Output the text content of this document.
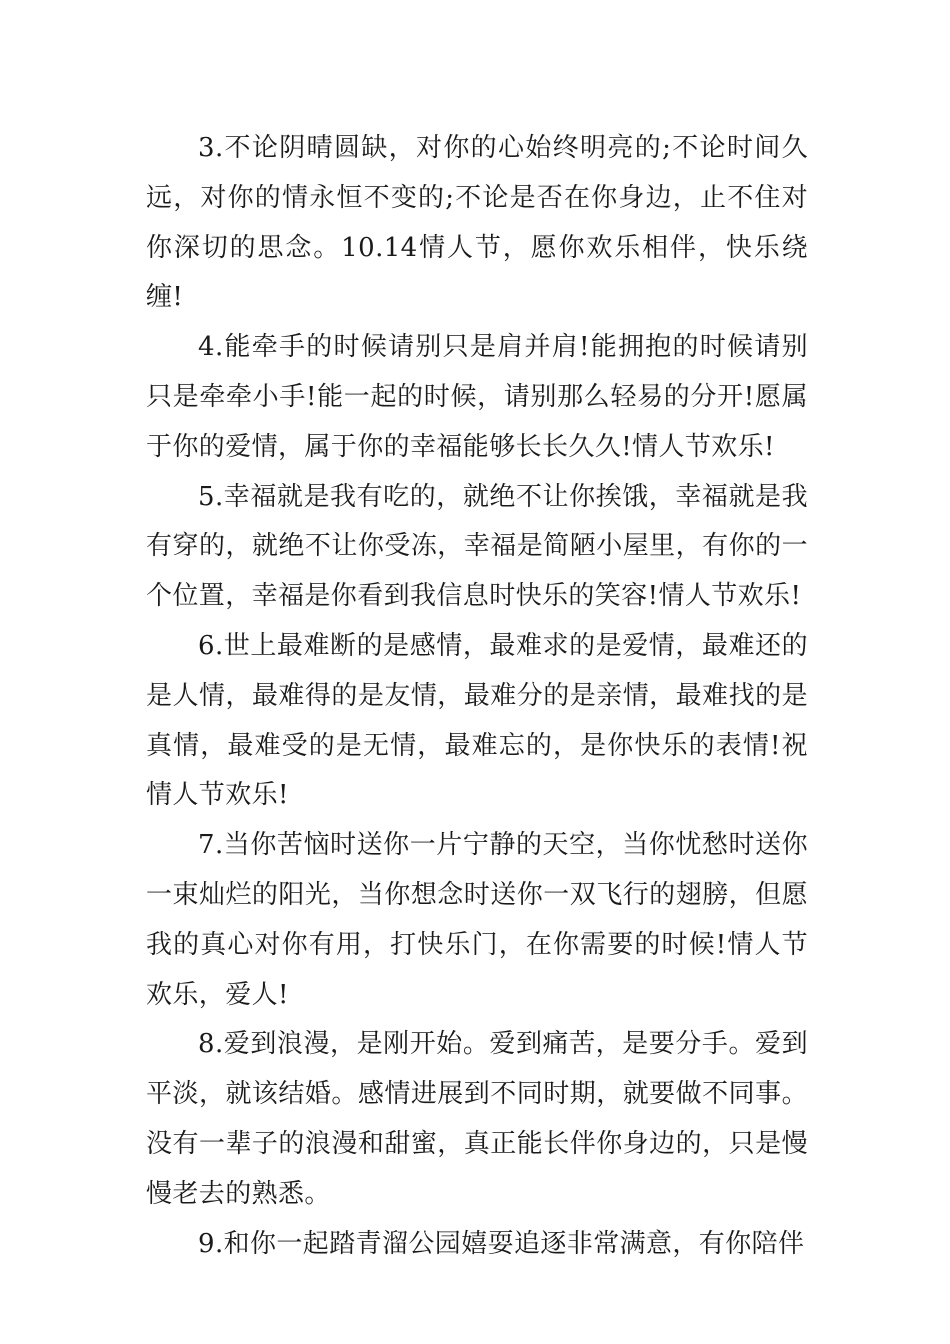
3.不论阴晴圆缺，对你的心始终明亮的;不论时间久远，对你的情永恒不变的;不论是否在你身边，止不住对你深切的思念。10.14情人节，愿你欢乐相伴，快乐绕缠!

4.能牵手的时候请别只是肩并肩!能拥抱的时候请别只是牵牵小手!能一起的时候，请别那么轻易的分开!愿属于你的爱情，属于你的幸福能够长长久久!情人节欢乐!

5.幸福就是我有吃的，就绝不让你挨饿，幸福就是我有穿的，就绝不让你受冻，幸福是简陋小屋里，有你的一个位置，幸福是你看到我信息时快乐的笑容!情人节欢乐!

6.世上最难断的是感情，最难求的是爱情，最难还的是人情，最难得的是友情，最难分的是亲情，最难找的是真情，最难受的是无情，最难忘的，是你快乐的表情!祝情人节欢乐!

7.当你苦恼时送你一片宁静的天空，当你忧愁时送你一束灿烂的阳光，当你想念时送你一双飞行的翅膀，但愿我的真心对你有用，打快乐门，在你需要的时候!情人节欢乐，爱人!

8.爱到浪漫，是刚开始。爱到痛苦，是要分手。爱到平淡，就该结婚。感情进展到不同时期，就要做不同事。没有一辈子的浪漫和甜蜜，真正能长伴你身边的，只是慢慢老去的熟悉。

9.和你一起踏青溜公园嬉耍追逐非常满意，有你陪伴
